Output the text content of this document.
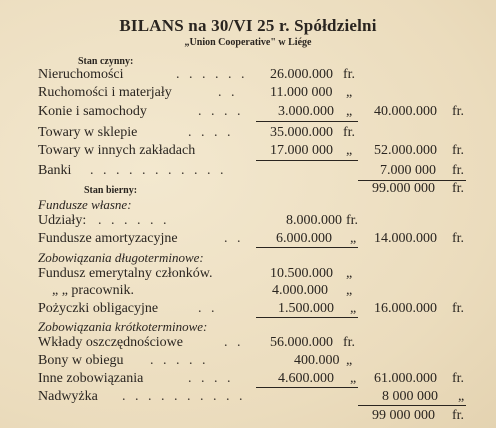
BILANS na 30/VI 25 r. Spółdzielni
„Union Cooperative" w Liége
Stan czynny:
Nieruchomości	. . . . . . 26.000.000 fr.
Ruchomości i materjały	. . 11.000 000 „
Konie i samochody	. . . . 3.000.000 „ 40.000.000 fr.
Towary w sklepie	. . . .	35.000.000 fr.
Towary w innych zakładach	17.000 000 „ 52.000.000 fr.
Banki . . . . . . . . . . .	7.000 000 fr.
99.000 000 fr.
Stan bierny:
Fundusze własne:
Udziały: . . . . . .	8.000.000 fr.
Fundusze amortyzacyjne	. . 6.000.000 „ 14.000.000 fr.
Zobowiązania długoterminowe:
Fundusz emerytalny członków.	10.500.000 „
„ „ pracownik.	4.000.000 „
Pożyczki obligacyjne	. .	1.500.000 „ 16.000.000 fr.
Zobowiązania krótkoterminowe:
Wkłady oszczędnościowe	. . 56.000.000 fr.
Bony w obiegu . . . . .	400.000 „
Inne zobowiązania	. . . .	4.600.000 „ 61.000.000 fr.
Nadwyżka . . . . . . . . . .	8 000 000 „
99 000 000 fr.
